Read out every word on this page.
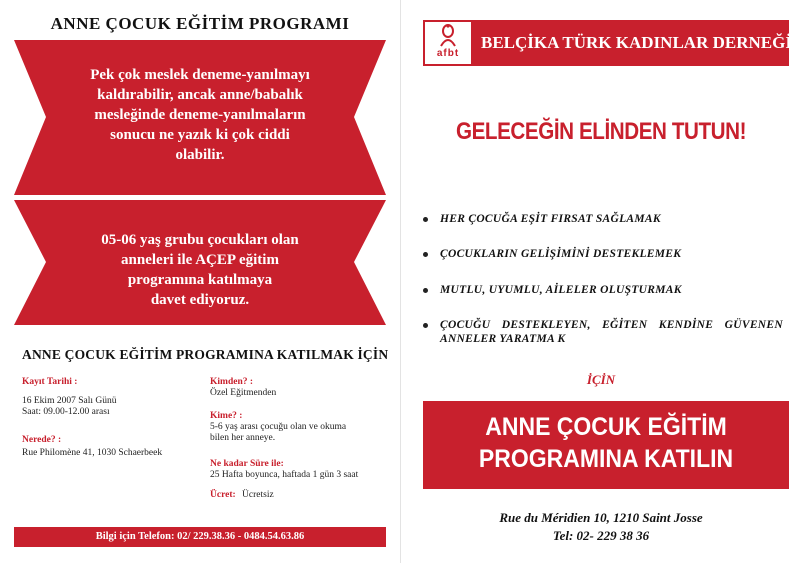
ANNE ÇOCUK EĞİTİM PROGRAMI
Pek çok meslek deneme-yanılmayı
kaldırabilir, ancak anne/babalık
mesleğinde deneme-yanılmaların
sonucu ne yazık ki çok ciddi
olabilir.
05-06 yaş grubu çocukları olan
anneleri ile AÇEP eğitim
programına katılmaya
davet ediyoruz.
ANNE ÇOCUK EĞİTİM PROGRAMINA KATILMAK İÇİN
Kayıt Tarihi :
16 Ekim 2007 Salı Günü
Saat: 09.00-12.00 arası
Nerede? :
Rue Philomène 41, 1030 Schaerbeek
Kimden? :
Özel Eğitmenden
Kime? :
5-6 yaş arası çocuğu olan ve okuma
bilen her anneye.
Ne kadar Süre ile:
25 Hafta boyunca, haftada 1 gün 3 saat
Ücret: Ücretsiz
Bilgi için Telefon: 02/ 229.38.36 - 0484.54.63.86
afbt
BELÇİKA TÜRK KADINLAR DERNEĞİ
GELECEĞİN ELİNDEN TUTUN!
HER ÇOCUĞA EŞİT FIRSAT SAĞLAMAK
ÇOCUKLARIN GELİŞİMİNİ DESTEKLEMEK
MUTLU, UYUMLU, AİLELER OLUŞTURMAK
ÇOCUĞU DESTEKLEYEN, EĞİTEN KENDİNE GÜVENEN ANNELER YARATMA K
İÇİN
ANNE ÇOCUK EĞİTİM
PROGRAMINA KATILIN
Rue du Méridien 10, 1210 Saint Josse
Tel: 02- 229 38 36
